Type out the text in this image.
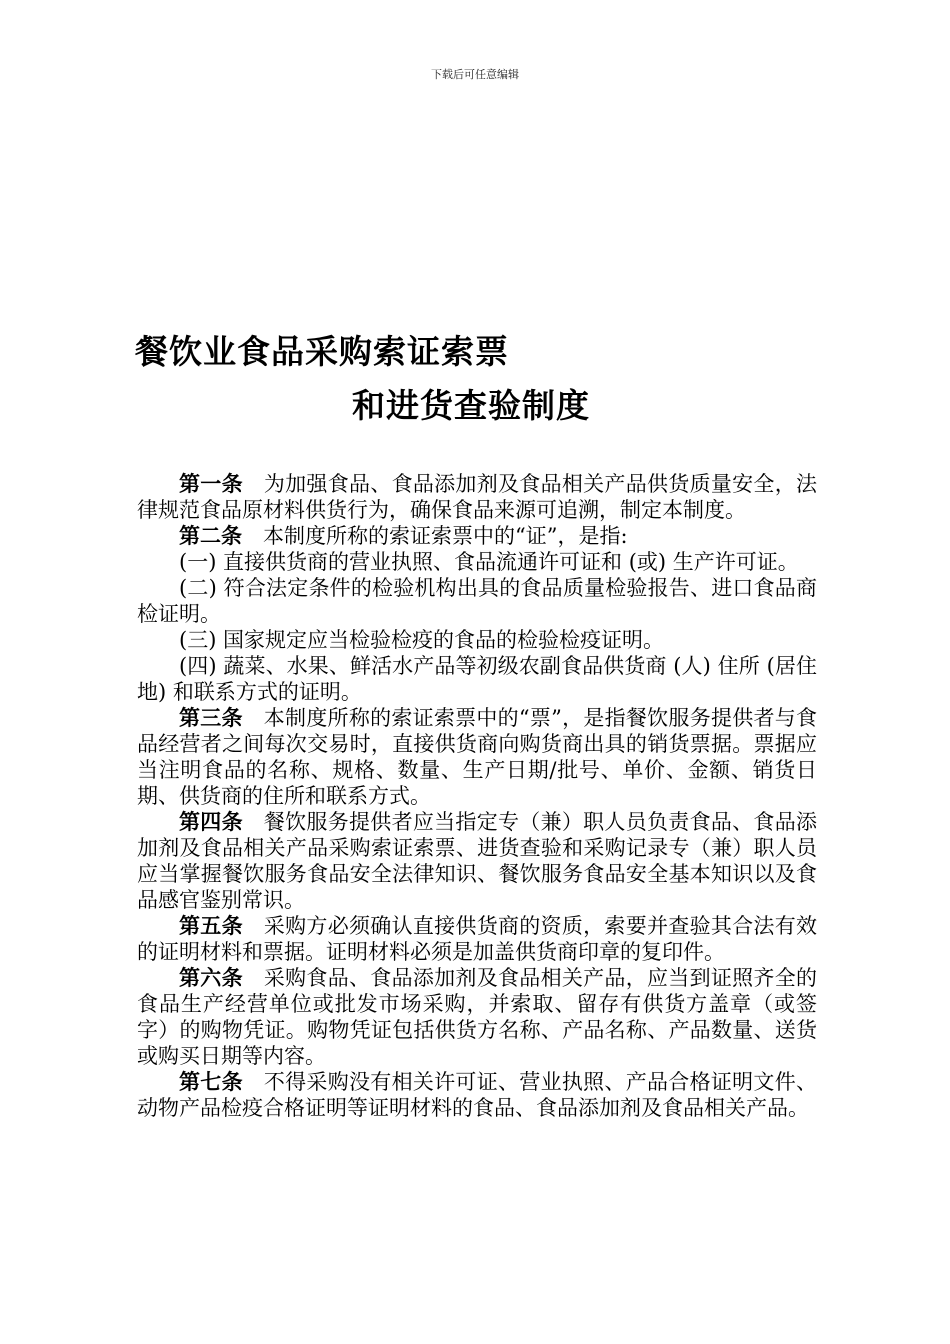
下载后可任意编辑
餐饮业食品采购索证索票
和进货查验制度

第一条 为加强食品、食品添加剂及食品相关产品供货质量安全，法律规范食品原材料供货行为，确保食品来源可追溯，制定本制度。

第二条 本制度所称的索证索票中的“证”，是指:

(一) 直接供货商的营业执照、食品流通许可证和 (或) 生产许可证。

(二) 符合法定条件的检验机构出具的食品质量检验报告、进口食品商检证明。

(三) 国家规定应当检验检疫的食品的检验检疫证明。

(四) 蔬菜、水果、鲜活水产品等初级农副食品供货商 (人) 住所 (居住地) 和联系方式的证明。

第三条 本制度所称的索证索票中的“票”，是指餐饮服务提供者与食品经营者之间每次交易时，直接供货商向购货商出具的销货票据。票据应当注明食品的名称、规格、数量、生产日期/批号、单价、金额、销货日期、供货商的住所和联系方式。

第四条 餐饮服务提供者应当指定专（兼）职人员负责食品、食品添加剂及食品相关产品采购索证索票、进货查验和采购记录专（兼）职人员应当掌握餐饮服务食品安全法律知识、餐饮服务食品安全基本知识以及食品感官鉴别常识。

第五条 采购方必须确认直接供货商的资质，索要并查验其合法有效的证明材料和票据。证明材料必须是加盖供货商印章的复印件。

第六条 采购食品、食品添加剂及食品相关产品，应当到证照齐全的食品生产经营单位或批发市场采购，并索取、留存有供货方盖章（或签字）的购物凭证。购物凭证包括供货方名称、产品名称、产品数量、送货或购买日期等内容。

第七条 不得采购没有相关许可证、营业执照、产品合格证明文件、动物产品检疫合格证明等证明材料的食品、食品添加剂及食品相关产品。
